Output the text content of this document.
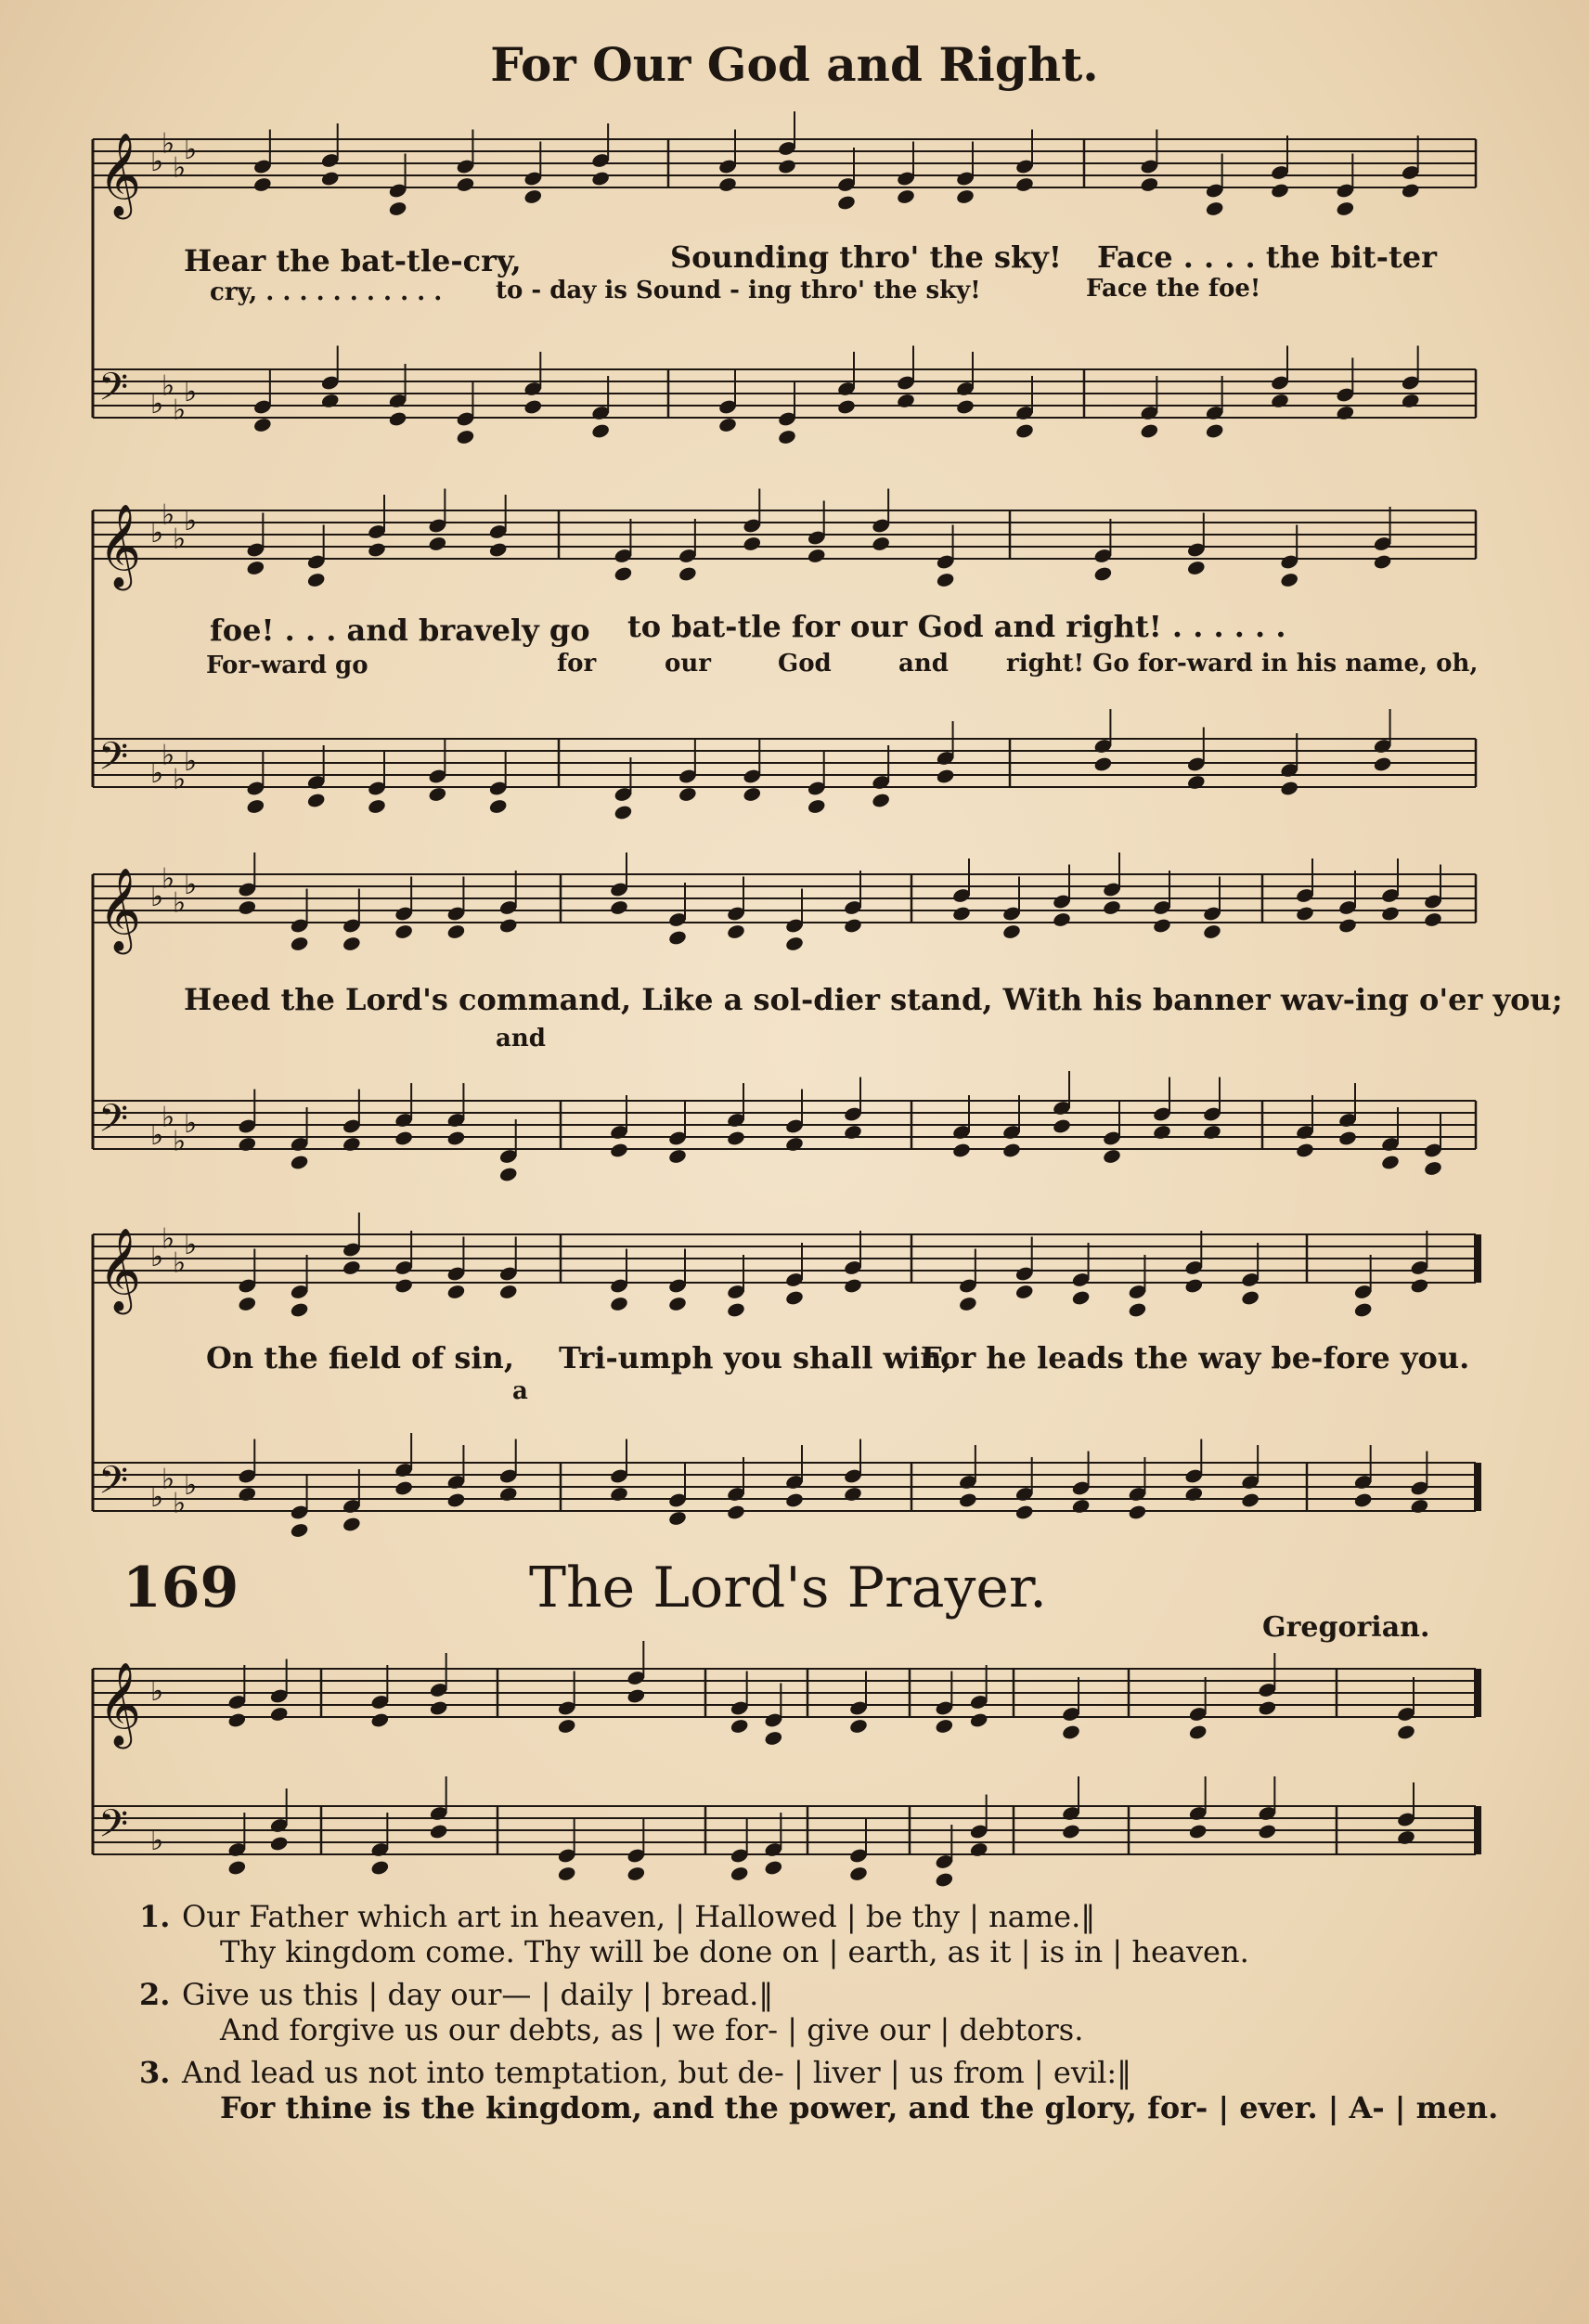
For Our God and Right.
𝄞 ♭
♭
♭
♭
𝄢 ♭
♭
♭
♭
𝄞 ♭
♭
♭
♭
𝄢 ♭
♭
♭
♭
𝄞 ♭
♭
♭
♭
𝄢 ♭
♭
♭
♭
𝄞 ♭
♭
♭
♭
𝄢 ♭
♭
♭
♭
𝄞 ♭
𝄢 ♭
Hear the bat-tle-cry,	Sounding thro' the sky! Face . . . . the bit-ter
cry, . . . . . . . . . . . to - day is Sound - ing thro' the sky!	Face the foe!
foe! . . . and bravely go to bat-tle for our God and right! . . . . . .
For-ward go	for	our	God	and right! Go for-ward in his name, oh,
Heed the Lord's command, Like a sol-dier stand, With his banner wav-ing o'er you;
and
On the field of sin, Tri-umph you shall win,
For he leads the way be-fore you.
a
169	The Lord's Prayer.
Gregorian.
1. Our Father which art in heaven, | Hallowed | be thy | name.‖
Thy kingdom come. Thy will be done on | earth, as it | is in | heaven.
2. Give us this | day our— | daily | bread.‖
And forgive us our debts, as | we for- | give our | debtors.
3. And lead us not into temptation, but de- | liver | us from | evil:‖
For thine is the kingdom, and the power, and the glory, for- | ever. | A- | men.
